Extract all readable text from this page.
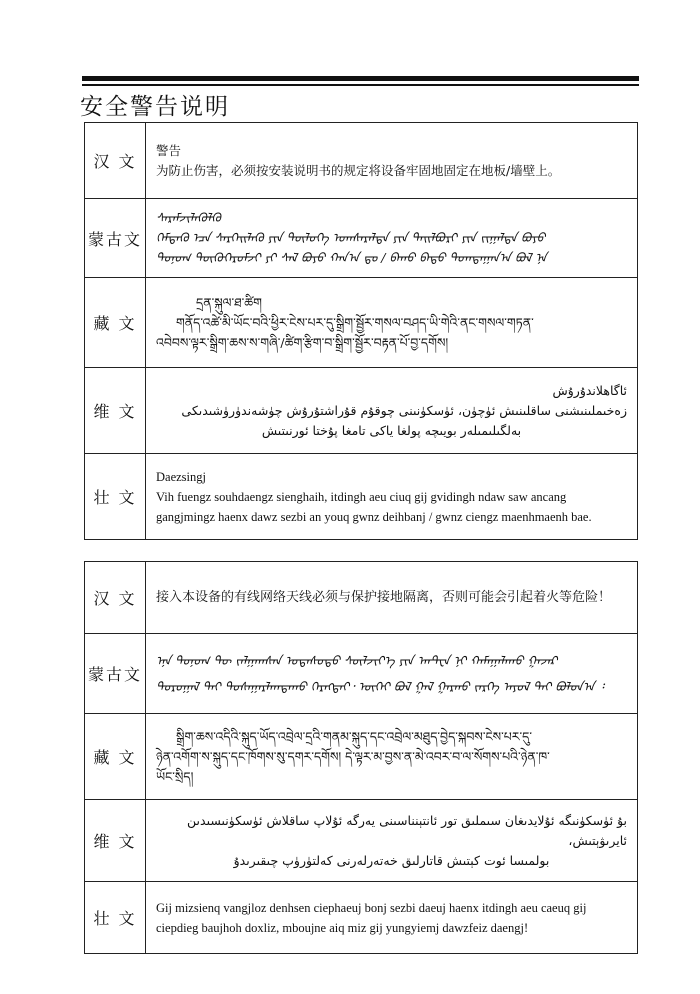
安全警告说明
汉 文	警告

为防止伤害，必须按安装说明书的规定将设备牢固地固定在地板/墙壁上。

蒙古文	ᠰᠡᠷᠡᠮᠵᠢᠯᠡᠭᠦᠯᠬᠦ

ᠭᠡᠮᠲᠡᠬᠦ ᠡᠴᠡ ᠰᠡᠷᠭᠡᠢᠯᠡᠬᠦ ᠶᠢᠨ ᠲᠥᠯᠥᠭᠡ ᠤᠭᠰᠠᠷᠠᠯᠲᠠ ᠶᠢᠨ ᠲᠠᠢᠯᠪᠤᠷᠢ ᠶᠢᠨ ᠵᠢᠭᠠᠯᠲᠠ ᠪᠣᠶᠣ

ᠲᠣᠨᠣᠭ ᠲᠦᠬᠦᠭᠡᠷᠦᠮᠵᠢ ᠶᠢ ᠰᠠᠯ ᠪᠣᠶᠣ ᠬᠠᠨ᠎ᠠ ᠳᠤ / ᠪᠠᠬᠤ ᠪᠠᠲᠤ ᠲᠣᠭᠲᠠᠭᠠᠨ᠎ᠠ ᠪᠣᠯ ᠨᠠ

藏 文	དྲན་སྐུལ་ཐ་ཚིག

གནོད་འཚེ་མི་ཡོང་བའི་ཕྱིར་ངེས་པར་དུ་སྒྲིག་སྦྱོར་གསལ་བཤད་ཡི་གེའི་ནང་གསལ་གཏན་

འབེབས་ལྟར་སྒྲིག་ཆས་ས་གཞི་/ཚིག་རྩིག་བ་སྒྲིག་སྦྱོར་བརྟན་པོ་བྱ་དགོས།

维 文	ئاگاھلاندۇرۇش

زەخىملىنىشنى ساقلىنىش ئۈچۈن، ئۈسكۈنىنى چوقۇم قۇراشتۇرۇش چۈشەندۈرۈشىدىكى

بەلگىلىمىلەر بويىچە پولغا ياكى تامغا پۇختا ئورنىتىش

壮 文	Daezsingj

Vih fuengz souhdaengz sienghaih, itdingh aeu ciuq gij gvidingh ndaw saw ancang gangjmingz haenx dawz sezbi an youq gwnz deihbanj / gwnz ciengz maenhmaenh bae.

汉 文	接入本设备的有线网络天线必须与保护接地隔离，否则可能会引起着火等危险！

蒙古文	ᠡᠨᠡ ᠲᠣᠨᠣᠭ ᠲᠦ ᠵᠠᠯᠭᠠᠭᠰᠠᠨ ᠤᠲᠠᠰᠤᠲᠤ ᠰᠦᠯᠵᠢᠶ᠎ᠡ ᠶᠢᠨ ᠠᠨᠲ᠋ᠧᠨ ᠨᠢ ᠬᠠᠮᠠᠭᠠᠯᠠᠬᠤ ᠭᠠᠵᠠᠷ

ᠲᠣᠷᠣᠭᠠᠯ ᠲᠠᠢ ᠲᠤᠰᠠᠭᠠᠷᠯᠠᠭᠳᠠᠬᠤ ᠬᠡᠷᠡᠭᠲᠡᠢ᠂ ᠦᠭᠡᠢ ᠪᠣᠯ ᠭᠠᠯ ᠭᠠᠷᠬᠤ ᠵᠡᠷᠭᠡ ᠠᠶᠤᠯ ᠲᠠᠢ ᠪᠣᠯᠤᠨ᠎ᠠ ᠄

藏 文	སྒྲིག་ཆས་འདིའི་སྐུད་ཡོད་འབྲེལ་དྲའི་གནམ་སྐུད་དང་འབྲེལ་མཐུད་བྱེད་སྐབས་ངེས་པར་དུ་

ཉེན་འགོག་ས་སྐུད་དང་ཁོགས་སུ་དགར་དགོས། དེ་ལྟར་མ་བྱས་ན་མེ་འབར་བ་ལ་སོགས་པའི་ཉེན་ཁ་

ཡོང་སྲིད།

维 文	بۇ ئۈسكۈنىگە ئۇلايدىغان سىملىق تور ئانتېنناسىنى يەرگە ئۇلاپ ساقلاش ئۈسكۈنىسىدىن ئايرىۋېتىش،

بولمىسا ئوت كېتىش قاتارلىق خەتەرلەرنى كەلتۈرۈپ چىقىرىدۇ

壮 文	Gij mizsienq vangjloz denhsen ciephaeuj bonj sezbi daeuj haenx itdingh aeu caeuq gij ciepdieg baujhoh doxliz, mboujne aiq miz gij yungyiemj dawzfeiz daengj!
